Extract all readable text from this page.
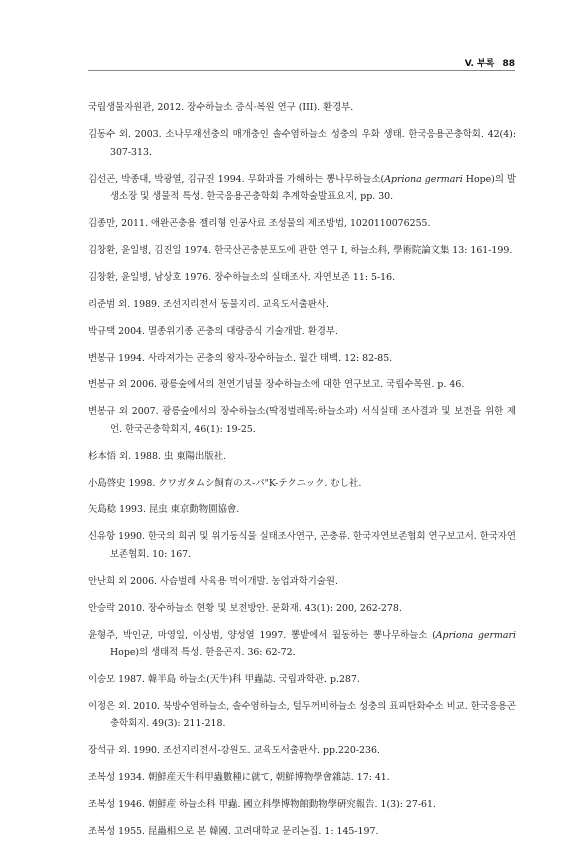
V. 부록 88

국립생물자원관, 2012. 장수하늘소 증식·복원 연구 (III). 환경부.

김동수 외. 2003. 소나무재선충의 매개충인 솔수염하늘소 성충의 우화 생태. 한국응용곤충학회. 42(4): 307-313.

김선곤, 박종대, 박광열, 김규진 1994. 무화과를 가해하는 뽕나무하늘소(Apriona germari Hope)의 발생소장 및 생물적 특성. 한국응용곤충학회 추계학술발표요지, pp. 30.

김종만, 2011. 애완곤충용 젤리형 인공사료 조성물의 제조방법, 1020110076255.

김창환, 윤일병, 김진일 1974. 한국산곤충분포도에 관한 연구 I, 하늘소科, 學術院論文集 13: 161-199.

김창환, 윤일병, 남상호 1976. 장수하늘소의 실태조사. 자연보존 11: 5-16.

리준범 외. 1989. 조선지리전서 동물지리. 교육도서출판사.

박규택 2004. 멸종위기종 곤충의 대량증식 기술개발. 환경부.

변봉규 1994. 사라져가는 곤충의 왕자-장수하늘소. 월간 태백. 12: 82-85.

변봉규 외 2006. 광릉숲에서의 천연기념물 장수하늘소에 대한 연구보고. 국립수목원. p. 46.

변봉규 외 2007. 광릉숲에서의 장수하늘소(딱정벌레목:하늘소과) 서식실태 조사결과 및 보전을 위한 제언. 한국곤충학회지, 46(1): 19-25.

杉本悟 외. 1988. 虫 東陽出版社.

小島啓史 1998. クワガタムシ飼育のス-パ"K-テクニック. むし社.

矢島稔 1993. 昆虫 東京動物園協會.

신유항 1990. 한국의 희귀 및 위기동식물 실태조사연구, 곤충류. 한국자연보존협회 연구보고서. 한국자연보존협회. 10: 167.

안난희 외 2006. 사슴벌레 사육용 먹이개발. 농업과학기술원.

안승락 2010. 장수하늘소 현황 및 보전방안. 문화재. 43(1): 200, 262-278.

윤형주, 박인균, 마영일, 이상범, 양성열 1997. 뽕밭에서 월동하는 뽕나무하늘소 (Apriona germari Hope)의 생태적 특성. 한응곤지. 36: 62-72.

이승모 1987. 韓半島 하늘소(天牛)科 甲蟲誌. 국립과학관. p.287.

이정은 외. 2010. 북방수염하늘소, 솔수염하늘소, 털두꺼비하늘소 성충의 표피탄화수소 비교. 한국응용곤충학회지. 49(3): 211-218.

장석규 외. 1990. 조선지리전서-강원도. 교육도서출판사. pp.220-236.

조복성 1934. 朝鮮産天牛科甲蟲數種に就て, 朝鮮博物學會雜誌. 17: 41.

조복성 1946. 朝鮮産 하늘소科 甲蟲. 國立科學博物館動物學硏究報告. 1(3): 27-61.

조복성 1955. 昆蟲相으로 본 韓國. 고려대학교 문리논집. 1: 145-197.
